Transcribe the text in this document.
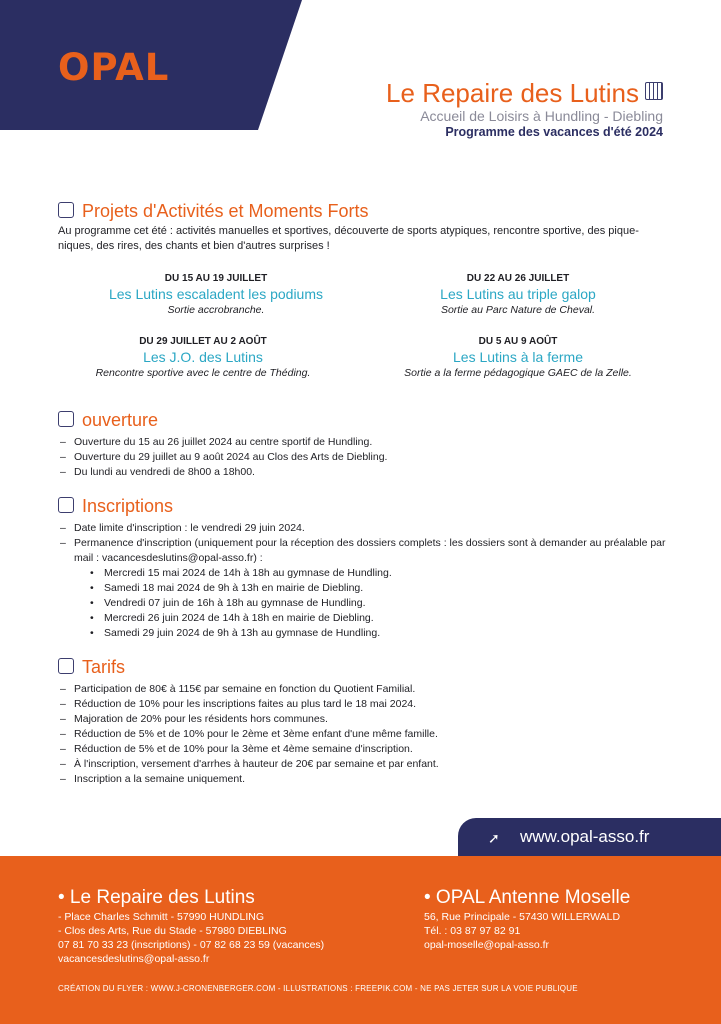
OPAL
Le Repaire des Lutins
Accueil de Loisirs à Hundling - Diebling
Programme des vacances d'été 2024
Projets d'Activités et Moments Forts
Au programme cet été : activités manuelles et sportives, découverte de sports atypiques, rencontre sportive, des pique-niques, des rires, des chants et bien d'autres surprises !
DU 15 AU 19 JUILLET
Les Lutins escaladent les podiums
Sortie accrobranche.
DU 22 AU 26 JUILLET
Les Lutins au triple galop
Sortie au Parc Nature de Cheval.
DU 29 JUILLET AU 2 AOÛT
Les J.O. des Lutins
Rencontre sportive avec le centre de Théding.
DU 5 AU 9 AOÛT
Les Lutins à la ferme
Sortie a la ferme pédagogique GAEC de la Zelle.
ouverture
– Ouverture du 15 au 26 juillet 2024 au centre sportif de Hundling.
– Ouverture du 29 juillet au 9 août 2024 au Clos des Arts de Diebling.
– Du lundi au vendredi de 8h00 a 18h00.
Inscriptions
– Date limite d'inscription : le vendredi 29 juin 2024.
– Permanence d'inscription (uniquement pour la réception des dossiers complets : les dossiers sont à demander au préalable par mail : vacancesdeslutins@opal-asso.fr) :
• Mercredi 15 mai 2024 de 14h à 18h au gymnase de Hundling.
• Samedi 18 mai 2024 de 9h à 13h en mairie de Diebling.
• Vendredi 07 juin de 16h à 18h au gymnase de Hundling.
• Mercredi 26 juin 2024 de 14h à 18h en mairie de Diebling.
• Samedi 29 juin 2024 de 9h à 13h au gymnase de Hundling.
Tarifs
– Participation de 80€ à 115€ par semaine en fonction du Quotient Familial.
– Réduction de 10% pour les inscriptions faites au plus tard le 18 mai 2024.
– Majoration de 20% pour les résidents hors communes.
– Réduction de 5% et de 10% pour le 2ème et 3ème enfant d'une même famille.
– Réduction de 5% et de 10% pour la 3ème et 4ème semaine d'inscription.
– À l'inscription, versement d'arrhes à hauteur de 20€ par semaine et par enfant.
– Inscription a la semaine uniquement.
➚ www.opal-asso.fr
• Le Repaire des Lutins
- Place Charles Schmitt - 57990 HUNDLING
- Clos des Arts, Rue du Stade - 57980 DIEBLING
07 81 70 33 23 (inscriptions) - 07 82 68 23 59 (vacances)
vacancesdeslutins@opal-asso.fr
• OPAL Antenne Moselle
56, Rue Principale - 57430 WILLERWALD
Tél. : 03 87 97 82 91
opal-moselle@opal-asso.fr
CRÉATION DU FLYER : WWW.J-CRONENBERGER.COM - ILLUSTRATIONS : FREEPIK.COM - NE PAS JETER SUR LA VOIE PUBLIQUE
